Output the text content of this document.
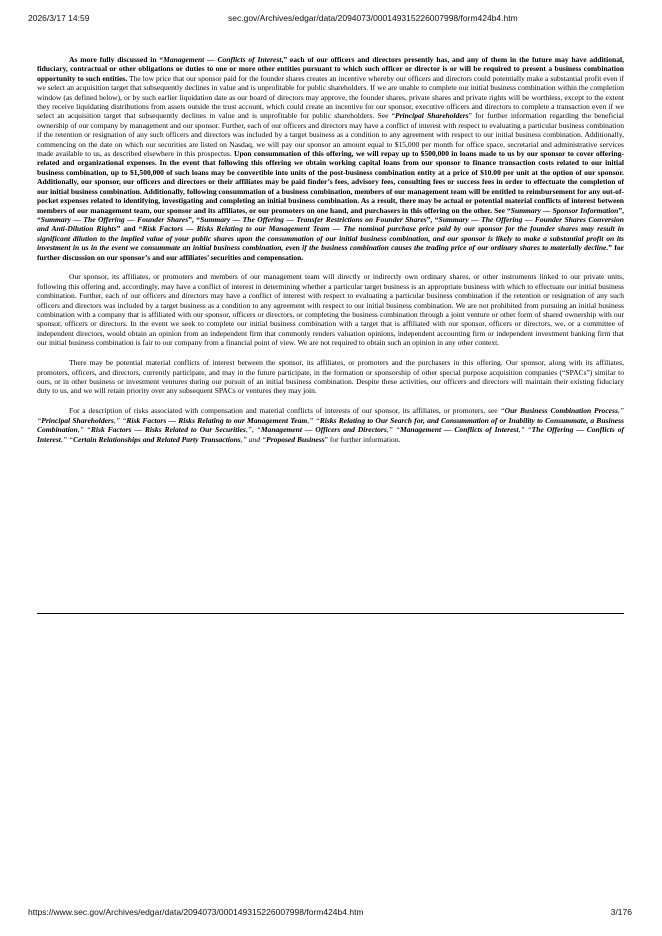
2026/3/17 14:59	sec.gov/Archives/edgar/data/2094073/000149315226007998/form424b4.htm

As more fully discussed in “Management — Conflicts of Interest,” each of our officers and directors presently has, and any of them in the future may have additional, fiduciary, contractual or other obligations or duties to one or more other entities pursuant to which such officer or director is or will be required to present a business combination opportunity to such entities. The low price that our sponsor paid for the founder shares creates an incentive whereby our officers and directors could potentially make a substantial profit even if we select an acquisition target that subsequently declines in value and is unprofitable for public shareholders. If we are unable to complete our initial business combination within the completion window (as defined below), or by such earlier liquidation date as our board of directors may approve, the founder shares, private shares and private rights will be worthless, except to the extent they receive liquidating distributions from assets outside the trust account, which could create an incentive for our sponsor, executive officers and directors to complete a transaction even if we select an acquisition target that subsequently declines in value and is unprofitable for public shareholders. See “Principal Shareholders” for further information regarding the beneficial ownership of our company by management and our sponsor. Further, each of our officers and directors may have a conflict of interest with respect to evaluating a particular business combination if the retention or resignation of any such officers and directors was included by a target business as a condition to any agreement with respect to our initial business combination. Additionally, commencing on the date on which our securities are listed on Nasdaq, we will pay our sponsor an amount equal to $15,000 per month for office space, secretarial and administrative services made available to us, as described elsewhere in this prospectus. Upon consummation of this offering, we will repay up to $500,000 in loans made to us by our sponsor to cover offering-related and organizational expenses. In the event that following this offering we obtain working capital loans from our sponsor to finance transaction costs related to our initial business combination, up to $1,500,000 of such loans may be convertible into units of the post-business combination entity at a price of $10.00 per unit at the option of our sponsor. Additionally, our sponsor, our officers and directors or their affiliates may be paid finder’s fees, advisory fees, consulting fees or success fees in order to effectuate the completion of our initial business combination. Additionally, following consummation of a business combination, members of our management team will be entitled to reimbursement for any out-of-pocket expenses related to identifying, investigating and completing an initial business combination. As a result, there may be actual or potential material conflicts of interest between members of our management team, our sponsor and its affiliates, or our promoters on one hand, and purchasers in this offering on the other. See “Summary — Sponsor Information”, “Summary — The Offering — Founder Shares”, “Summary — The Offering — Transfer Restrictions on Founder Shares”, “Summary — The Offering — Founder Shares Conversion and Anti-Dilution Rights” and “Risk Factors — Risks Relating to our Management Team — The nominal purchase price paid by our sponsor for the founder shares may result in significant dilution to the implied value of your public shares upon the consummation of our initial business combination, and our sponsor is likely to make a substantial profit on its investment in us in the event we consummate an initial business combination, even if the business combination causes the trading price of our ordinary shares to materially decline.” for further discussion on our sponsor’s and our affiliates’ securities and compensation.

Our sponsor, its affiliates, or promoters and members of our management team will directly or indirectly own ordinary shares, or other instruments linked to our private units, following this offering and, accordingly, may have a conflict of interest in determining whether a particular target business is an appropriate business with which to effectuate our initial business combination. Further, each of our officers and directors may have a conflict of interest with respect to evaluating a particular business combination if the retention or resignation of any such officers and directors was included by a target business as a condition to any agreement with respect to our initial business combination. We are not prohibited from pursuing an initial business combination with a company that is affiliated with our sponsor, officers or directors, or completing the business combination through a joint venture or other form of shared ownership with our sponsor, officers or directors. In the event we seek to complete our initial business combination with a target that is affiliated with our sponsor, officers or directors, we, or a committee of independent directors, would obtain an opinion from an independent firm that commonly renders valuation opinions, independent accounting firm or independent investment banking firm that our initial business combination is fair to our company from a financial point of view. We are not required to obtain such an opinion in any other context.

There may be potential material conflicts of interest between the sponsor, its affiliates, or promoters and the purchasers in this offering. Our sponsor, along with its affiliates, promoters, officers, and directors, currently participate, and may in the future participate, in the formation or sponsorship of other special purpose acquisition companies (“SPACs”) similar to ours, or in other business or investment ventures during our pursuit of an initial business combination. Despite these activities, our officers and directors will maintain their existing fiduciary duty to us, and we will retain priority over any subsequent SPACs or ventures they may join.

For a description of risks associated with compensation and material conflicts of interests of our sponsor, its affiliates, or promoters, see “Our Business Combination Process,” “Principal Shareholders,” “Risk Factors — Risks Relating to our Management Team,” “Risks Relating to Our Search for, and Consummation of or Inability to Consummate, a Business Combination,” “Risk Factors — Risks Related to Our Securities,”, “Management — Officers and Directors,” “Management — Conflicts of Interest,” “The Offering — Conflicts of Interest,” “Certain Relationships and Related Party Transactions,” and “Proposed Business” for further information.

https://www.sec.gov/Archives/edgar/data/2094073/000149315226007998/form424b4.htm	3/176
